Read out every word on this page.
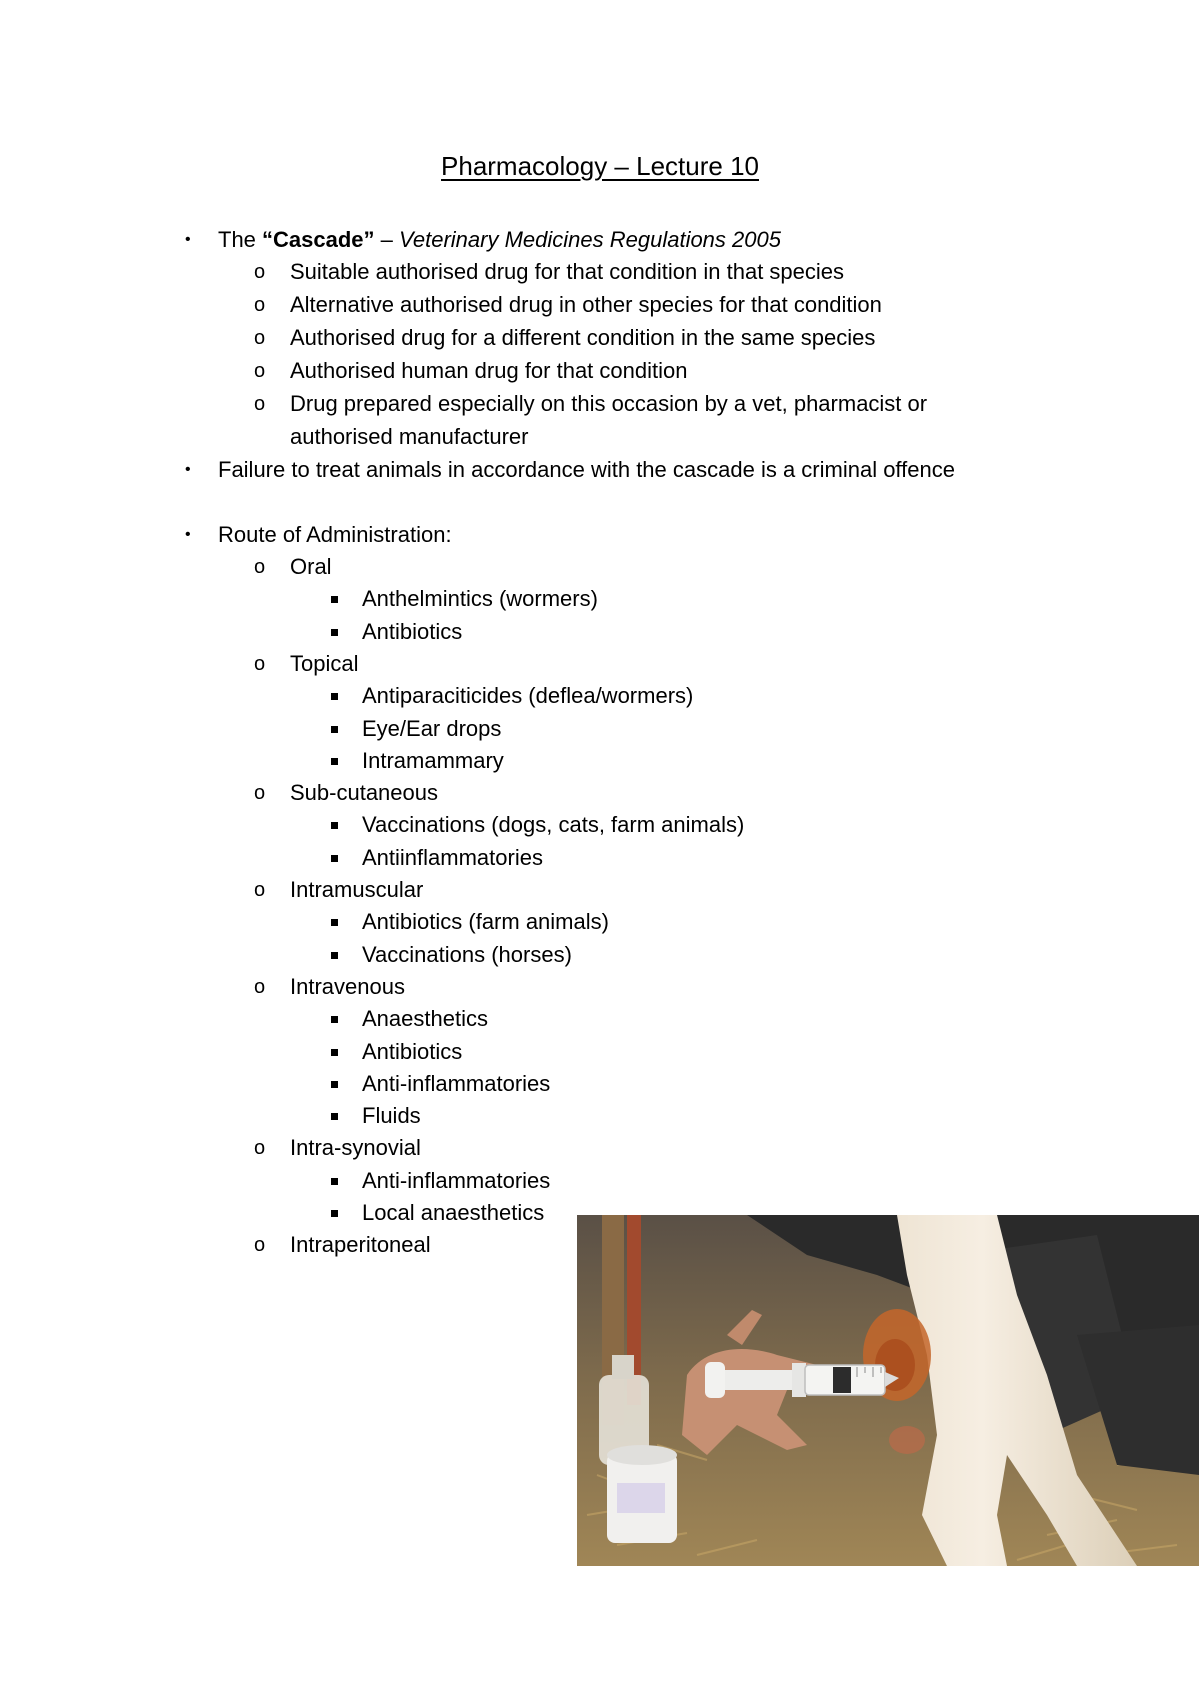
Pharmacology – Lecture 10
• The “Cascade” – Veterinary Medicines Regulations 2005
o Suitable authorised drug for that condition in that species
o Alternative authorised drug in other species for that condition
o Authorised drug for a different condition in the same species
o Authorised human drug for that condition
o Drug prepared especially on this occasion by a vet, pharmacist or
authorised manufacturer
• Failure to treat animals in accordance with the cascade is a criminal offence
• Route of Administration:
o Oral
Anthelmintics (wormers)
Antibiotics
o Topical
Antiparaciticides (deflea/wormers)
Eye/Ear drops
Intramammary
o Sub-cutaneous
Vaccinations (dogs, cats, farm animals)
Antiinflammatories
o Intramuscular
Antibiotics (farm animals)
Vaccinations (horses)
o Intravenous
Anaesthetics
Antibiotics
Anti-inflammatories
Fluids
o Intra-synovial
Anti-inflammatories
Local anaesthetics
o Intraperitoneal
